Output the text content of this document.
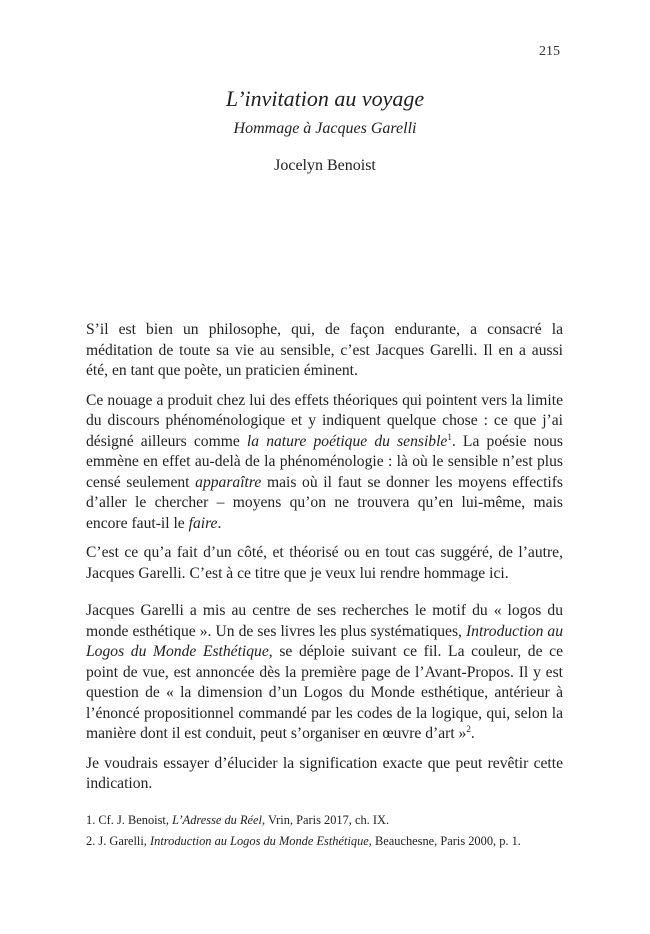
215
L’invitation au voyage
Hommage à Jacques Garelli
Jocelyn Benoist

S’il est bien un philosophe, qui, de façon endurante, a consacré la méditation de toute sa vie au sensible, c’est Jacques Garelli. Il en a aussi été, en tant que poète, un praticien éminent.

Ce nouage a produit chez lui des effets théoriques qui pointent vers la limite du discours phénoménologique et y indiquent quelque chose : ce que j’ai désigné ailleurs comme la nature poétique du sensible$^1$. La poésie nous emmène en effet au-delà de la phénoménologie : là où le sensible n’est plus censé seulement apparaître mais où il faut se donner les moyens effectifs d’aller le chercher – moyens qu’on ne trouvera qu’en lui-même, mais encore faut-il le faire.

C’est ce qu’a fait d’un côté, et théorisé ou en tout cas suggéré, de l’autre, Jacques Garelli. C’est à ce titre que je veux lui rendre hommage ici.

Jacques Garelli a mis au centre de ses recherches le motif du « logos du monde esthétique ». Un de ses livres les plus systématiques, Introduction au Logos du Monde Esthétique, se déploie suivant ce fil. La couleur, de ce point de vue, est annoncée dès la première page de l’Avant-Propos. Il y est question de « la dimension d’un Logos du Monde esthétique, antérieur à l’énoncé propositionnel commandé par les codes de la logique, qui, selon la manière dont il est conduit, peut s’organiser en œuvre d’art »$^2$.

Je voudrais essayer d’élucider la signification exacte que peut revêtir cette indication.

1. Cf. J. Benoist, L’Adresse du Réel, Vrin, Paris 2017, ch. IX.

2. J. Garelli, Introduction au Logos du Monde Esthétique, Beauchesne, Paris 2000, p. 1.
